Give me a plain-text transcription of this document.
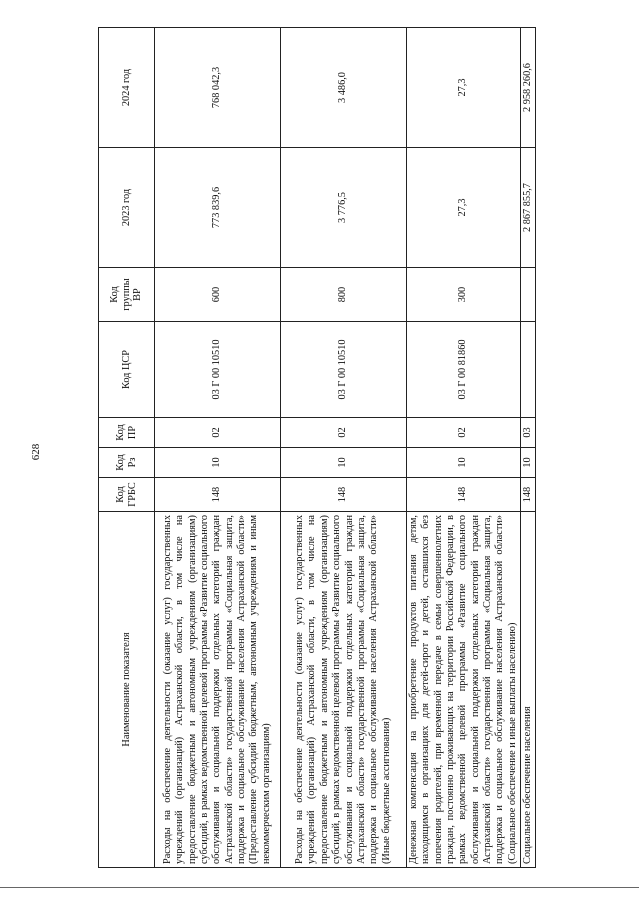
628
Наименование показателя	Код ГРБС	Код Рз	Код ПР	Код ЦСР	Код группы ВР	2023 год	2024 год
Расходы на обеспечение деятельности (оказание услуг) государственных учреждений (организаций) Астраханской области, в том числе на предоставление бюджетным и автономным учреждениям (организациям) субсидий, в рамках ведомственной целевой программы «Развитие социального обслуживания и социальной поддержки отдельных категорий граждан Астраханской области» государственной программы «Социальная защита, поддержка и социальное обслуживание населения Астраханской области» (Предоставление субсидий бюджетным, автономным учреждениям и иным некоммерческим организациям)	148	10	02	03 Г 00 10510	600	773 839,6	768 042,3
Расходы на обеспечение деятельности (оказание услуг) государственных учреждений (организаций) Астраханской области, в том числе на предоставление бюджетным и автономным учреждениям (организациям) субсидий, в рамках ведомственной целевой программы «Развитие социального обслуживания и социальной поддержки отдельных категорий граждан Астраханской области» государственной программы «Социальная защита, поддержка и социальное обслуживание населения Астраханской области» (Иные бюджетные ассигнования)	148	10	02	03 Г 00 10510	800	3 776,5	3 486,0
Денежная компенсация на приобретение продуктов питания детям, находящимся в организациях для детей-сирот и детей, оставшихся без попечения родителей, при временной передаче в семьи совершеннолетних граждан, постоянно проживающих на территории Российской Федерации, в рамках ведомственной целевой программы «Развитие социального обслуживания и социальной поддержки отдельных категорий граждан Астраханской области» государственной программы «Социальная защита, поддержка и социальное обслуживание населения Астраханской области» (Социальное обеспечение и иные выплаты населению)	148	10	02	03 Г 00 81860	300	27,3	27,3
Социальное обеспечение населения	148	10	03			2 867 855,7	2 958 260,6
